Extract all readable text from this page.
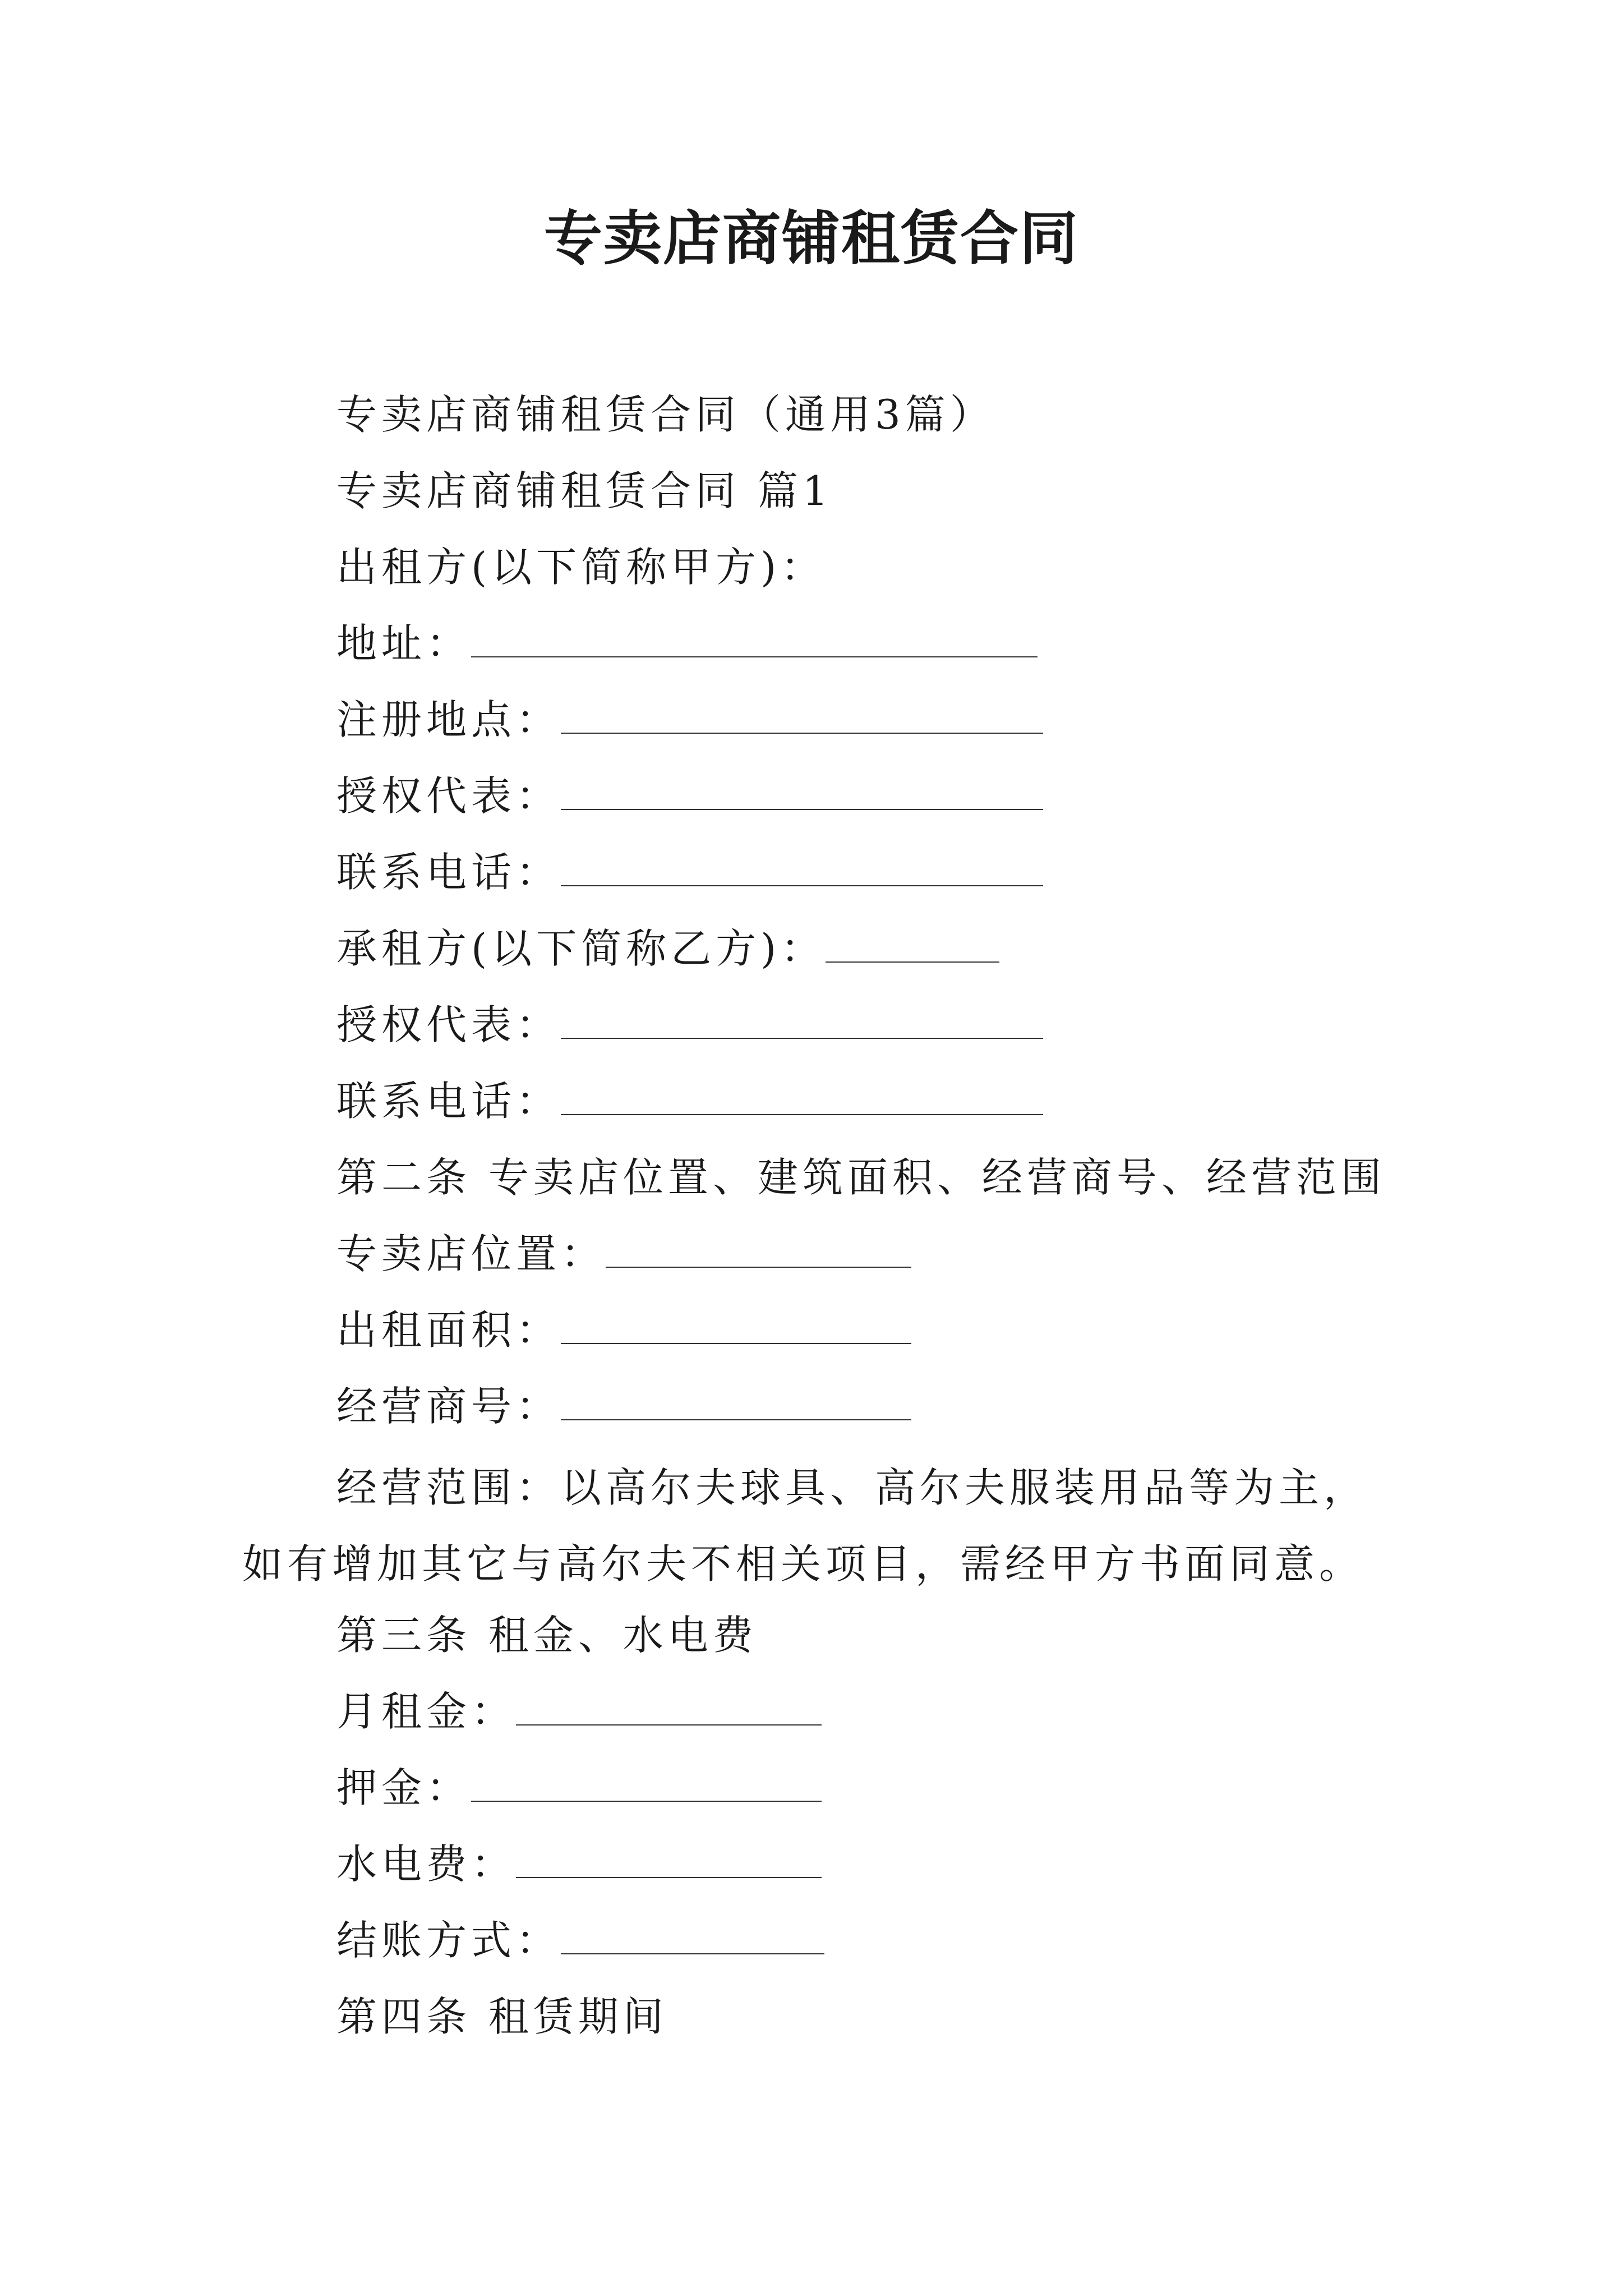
专卖店商铺租赁合同
专卖店商铺租赁合同（通用3篇）
专卖店商铺租赁合同 篇1
出租方(以下简称甲方)：
地址：
注册地点：
授权代表：
联系电话：
承租方(以下简称乙方)：
授权代表：
联系电话：
第二条 专卖店位置、建筑面积、经营商号、经营范围
专卖店位置：
出租面积：
经营商号：
经营范围：以高尔夫球具、高尔夫服装用品等为主，如有增加其它与高尔夫不相关项目，需经甲方书面同意。
第三条 租金、水电费
月租金：
押金：
水电费：
结账方式：
第四条 租赁期间
